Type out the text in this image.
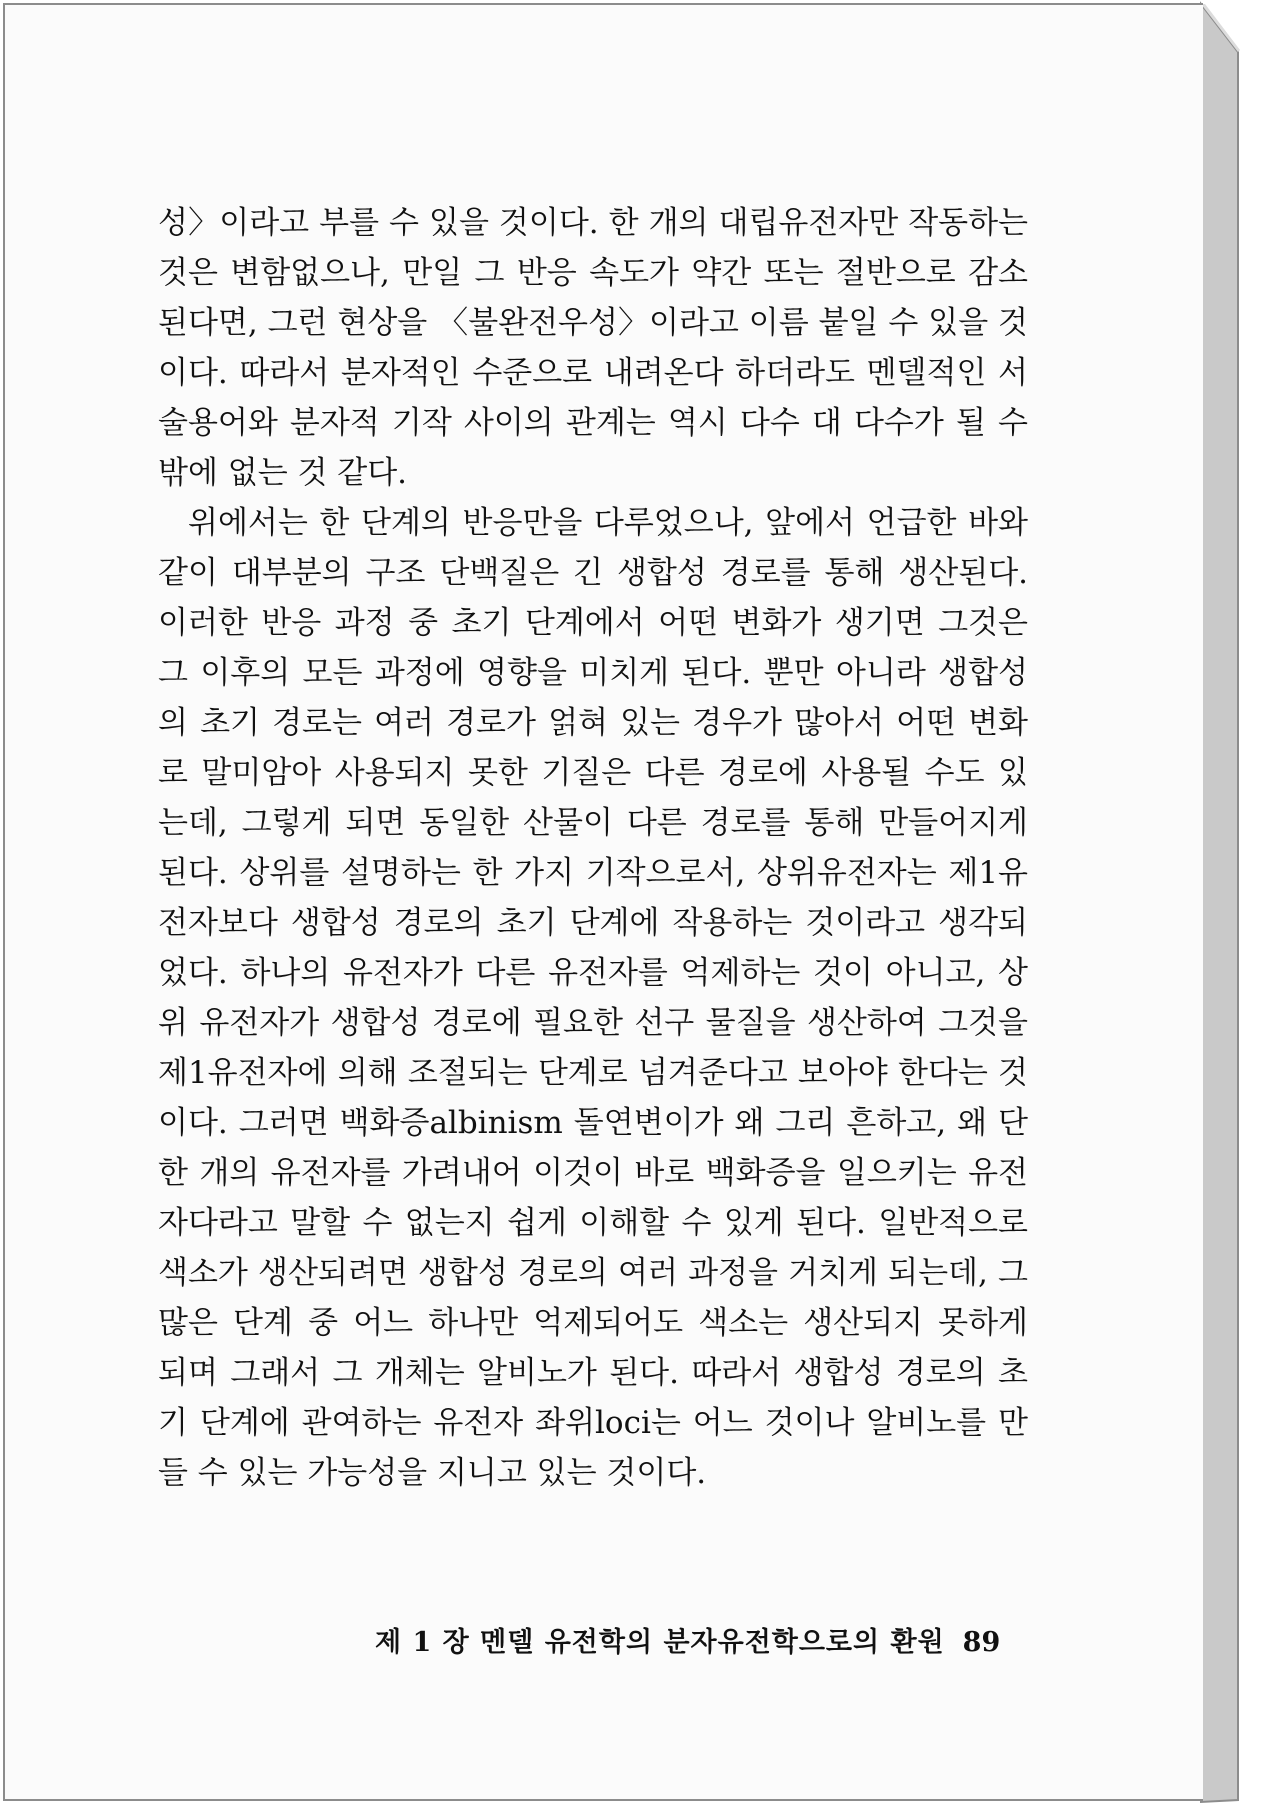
성〉이라고 부를 수 있을 것이다. 한 개의 대립유전자만 작동하는
것은 변함없으나, 만일 그 반응 속도가 약간 또는 절반으로 감소
된다면, 그런 현상을 〈불완전우성〉이라고 이름 붙일 수 있을 것
이다. 따라서 분자적인 수준으로 내려온다 하더라도 멘델적인 서
술용어와 분자적 기작 사이의 관계는 역시 다수 대 다수가 될 수
밖에 없는 것 같다.
위에서는 한 단계의 반응만을 다루었으나, 앞에서 언급한 바와
같이 대부분의 구조 단백질은 긴 생합성 경로를 통해 생산된다.
이러한 반응 과정 중 초기 단계에서 어떤 변화가 생기면 그것은
그 이후의 모든 과정에 영향을 미치게 된다. 뿐만 아니라 생합성
의 초기 경로는 여러 경로가 얽혀 있는 경우가 많아서 어떤 변화
로 말미암아 사용되지 못한 기질은 다른 경로에 사용될 수도 있
는데, 그렇게 되면 동일한 산물이 다른 경로를 통해 만들어지게
된다. 상위를 설명하는 한 가지 기작으로서, 상위유전자는 제1유
전자보다 생합성 경로의 초기 단계에 작용하는 것이라고 생각되
었다. 하나의 유전자가 다른 유전자를 억제하는 것이 아니고, 상
위 유전자가 생합성 경로에 필요한 선구 물질을 생산하여 그것을
제1유전자에 의해 조절되는 단계로 넘겨준다고 보아야 한다는 것
이다. 그러면 백화증albinism 돌연변이가 왜 그리 흔하고, 왜 단
한 개의 유전자를 가려내어 이것이 바로 백화증을 일으키는 유전
자다라고 말할 수 없는지 쉽게 이해할 수 있게 된다. 일반적으로
색소가 생산되려면 생합성 경로의 여러 과정을 거치게 되는데, 그
많은 단계 중 어느 하나만 억제되어도 색소는 생산되지 못하게
되며 그래서 그 개체는 알비노가 된다. 따라서 생합성 경로의 초
기 단계에 관여하는 유전자 좌위loci는 어느 것이나 알비노를 만
들 수 있는 가능성을 지니고 있는 것이다.
제 1 장 멘델 유전학의 분자유전학으로의 환원 89
